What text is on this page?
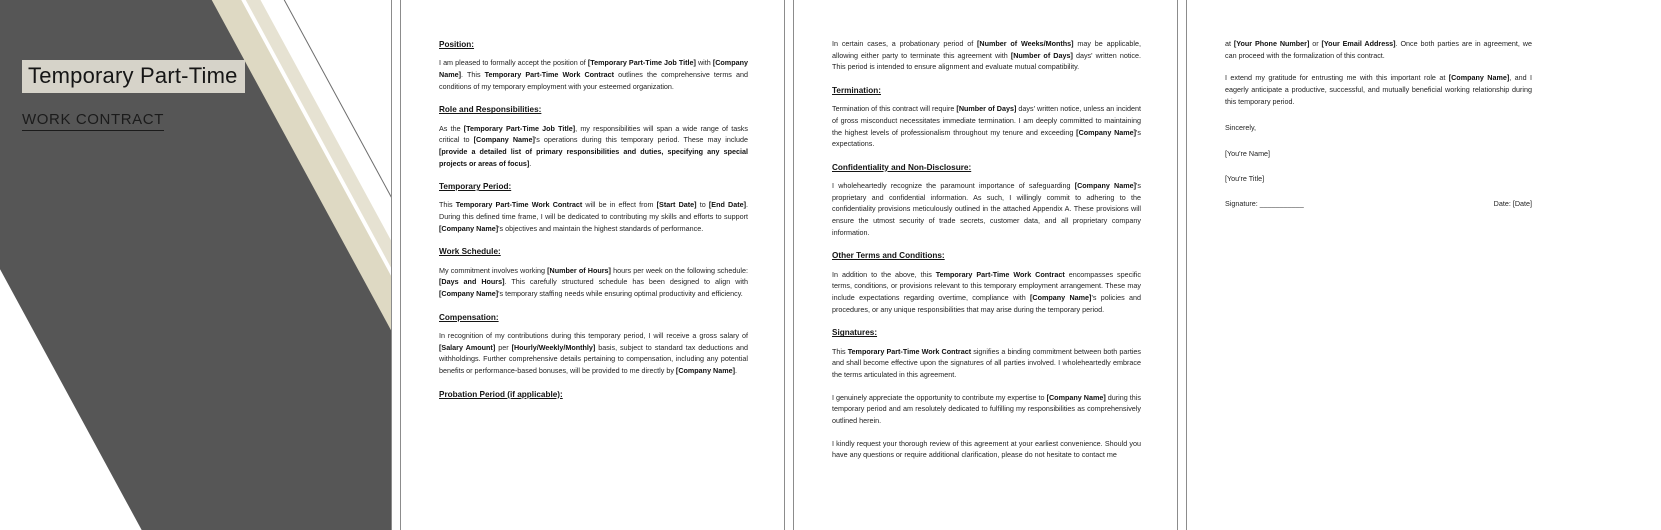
Temporary Part-Time
WORK CONTRACT

Position:

I am pleased to formally accept the position of [Temporary Part-Time Job Title] with [Company Name]. This Temporary Part-Time Work Contract outlines the comprehensive terms and conditions of my temporary employment with your esteemed organization.

Role and Responsibilities:

As the [Temporary Part-Time Job Title], my responsibilities will span a wide range of tasks critical to [Company Name]'s operations during this temporary period. These may include [provide a detailed list of primary responsibilities and duties, specifying any special projects or areas of focus].

Temporary Period:

This Temporary Part-Time Work Contract will be in effect from [Start Date] to [End Date]. During this defined time frame, I will be dedicated to contributing my skills and efforts to support [Company Name]'s objectives and maintain the highest standards of performance.

Work Schedule:

My commitment involves working [Number of Hours] hours per week on the following schedule: [Days and Hours]. This carefully structured schedule has been designed to align with [Company Name]'s temporary staffing needs while ensuring optimal productivity and efficiency.

Compensation:

In recognition of my contributions during this temporary period, I will receive a gross salary of [Salary Amount] per [Hourly/Weekly/Monthly] basis, subject to standard tax deductions and withholdings. Further comprehensive details pertaining to compensation, including any potential benefits or performance-based bonuses, will be provided to me directly by [Company Name].

Probation Period (if applicable):

In certain cases, a probationary period of [Number of Weeks/Months] may be applicable, allowing either party to terminate this agreement with [Number of Days] days' written notice. This period is intended to ensure alignment and evaluate mutual compatibility.

Termination:

Termination of this contract will require [Number of Days] days' written notice, unless an incident of gross misconduct necessitates immediate termination. I am deeply committed to maintaining the highest levels of professionalism throughout my tenure and exceeding [Company Name]'s expectations.

Confidentiality and Non-Disclosure:

I wholeheartedly recognize the paramount importance of safeguarding [Company Name]'s proprietary and confidential information. As such, I willingly commit to adhering to the confidentiality provisions meticulously outlined in the attached Appendix A. These provisions will ensure the utmost security of trade secrets, customer data, and all proprietary company information.

Other Terms and Conditions:

In addition to the above, this Temporary Part-Time Work Contract encompasses specific terms, conditions, or provisions relevant to this temporary employment arrangement. These may include expectations regarding overtime, compliance with [Company Name]'s policies and procedures, or any unique responsibilities that may arise during the temporary period.

Signatures:

This Temporary Part-Time Work Contract signifies a binding commitment between both parties and shall become effective upon the signatures of all parties involved. I wholeheartedly embrace the terms articulated in this agreement.

I genuinely appreciate the opportunity to contribute my expertise to [Company Name] during this temporary period and am resolutely dedicated to fulfilling my responsibilities as comprehensively outlined herein.

I kindly request your thorough review of this agreement at your earliest convenience. Should you have any questions or require additional clarification, please do not hesitate to contact me

at [Your Phone Number] or [Your Email Address]. Once both parties are in agreement, we can proceed with the formalization of this contract.

I extend my gratitude for entrusting me with this important role at [Company Name], and I eagerly anticipate a productive, successful, and mutually beneficial working relationship during this temporary period.

Sincerely,

[You're Name]

[You're Title]

Signature: ___________	Date: [Date]
